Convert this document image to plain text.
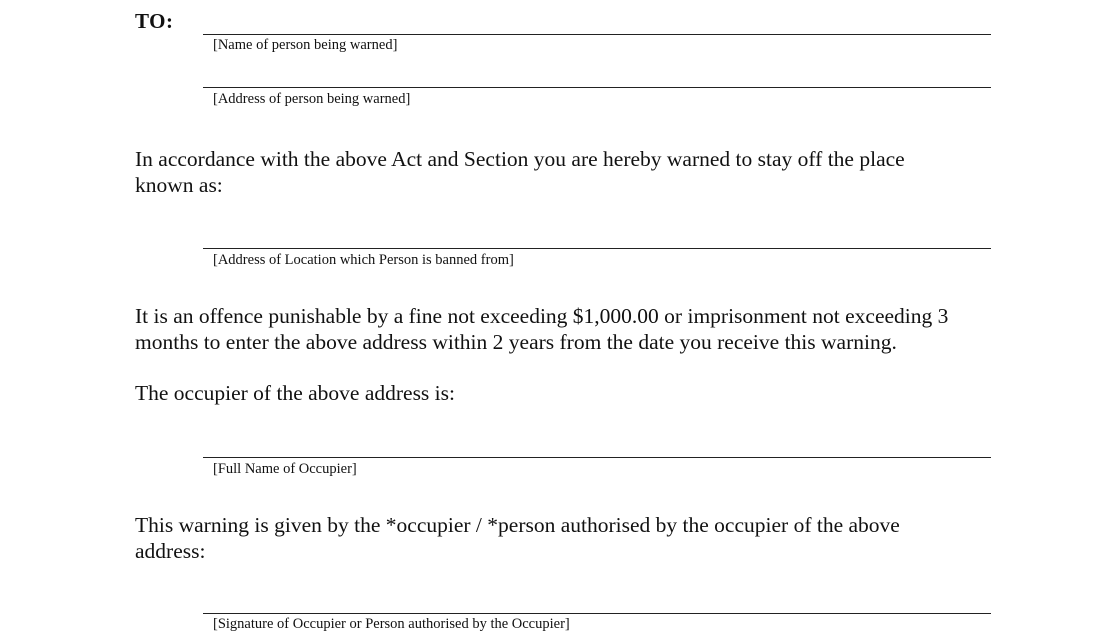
TO:
[Name of person being warned]
[Address of person being warned]
In accordance with the above Act and Section you are hereby warned to stay off the place
known as:
[Address of Location which Person is banned from]
It is an offence punishable by a fine not exceeding $1,000.00 or imprisonment not exceeding 3
months to enter the above address within 2 years from the date you receive this warning.
The occupier of the above address is:
[Full Name of Occupier]
This warning is given by the *occupier / *person authorised by the occupier of the above
address:
[Signature of Occupier or Person authorised by the Occupier]
